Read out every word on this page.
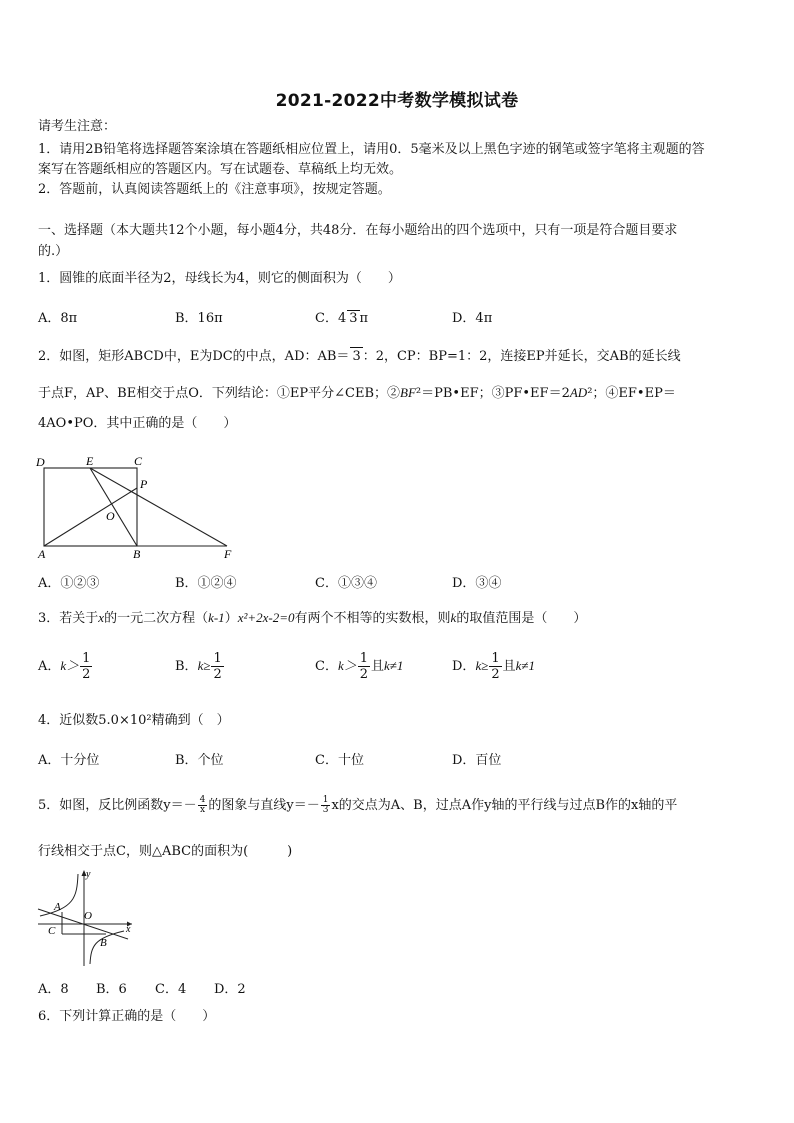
2021-2022中考数学模拟试卷
请考生注意：
1．请用2B铅笔将选择题答案涂填在答题纸相应位置上，请用0．5毫米及以上黑色字迹的钢笔或签字笔将主观题的答
案写在答题纸相应的答题区内。写在试题卷、草稿纸上均无效。
2．答题前，认真阅读答题纸上的《注意事项》，按规定答题。
一、选择题（本大题共12个小题，每小题4分，共48分．在每小题给出的四个选项中，只有一项是符合题目要求
的.）
1．圆锥的底面半径为2，母线长为4，则它的侧面积为（　　）
A．8π	B．16π	C．4 3 π	D．4π
2．如图，矩形ABCD中，E为DC的中点，AD：AB＝ 3 ：2，CP：BP=1：2，连接EP并延长，交AB的延长线
于点F，AP、BE相交于点O．下列结论：①EP平分∠CEB；②BF²＝PB•EF；③PF•EF＝2AD²；④EF•EP＝
4AO•PO．其中正确的是（　　）
D	E	C
P
O
A	B	F
A．①②③	B．①②④	C．①③④	D．③④
3．若关于x的一元二次方程（k-1）x²+2x-2=0有两个不相等的实数根，则k的取值范围是（　　）
A．$k> \frac{1}{2}$	B．$k\ge \frac{1}{2}$	C．$k> \frac{1}{2}$ 且k≠1	D．$k\ge \frac{1}{2}$ 且k≠1
4．近似数5.0×10²精确到（　）
A．十分位	B．个位	C．十位	D．百位
5．如图，反比例函数$y=- \frac{4}{x}$ 的图象与直线$y=- \frac{1}{3}$ x的交点为A、B，过点A作y轴的平行线与过点B作的x轴的平
行线相交于点C，则△ABC的面积为(　　　)
y
x
A
O
C
B
A．8 B．6 C．4 D．2
6．下列计算正确的是（　　）
